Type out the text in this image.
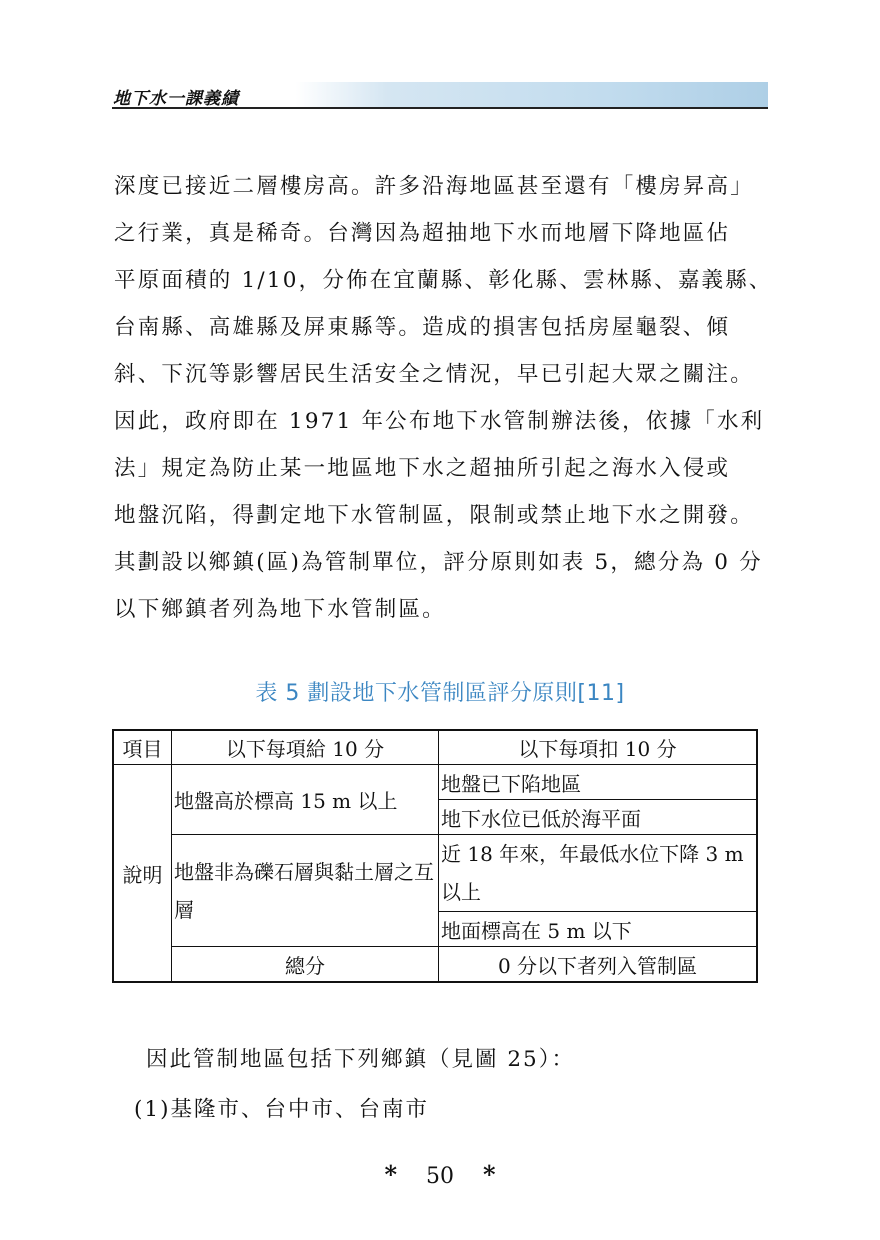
地下水一課義績
深度已接近二層樓房高。許多沿海地區甚至還有「樓房昇高」
之行業，真是稀奇。台灣因為超抽地下水而地層下降地區佔
平原面積的 1/10，分佈在宜蘭縣、彰化縣、雲林縣、嘉義縣、
台南縣、高雄縣及屏東縣等。造成的損害包括房屋龜裂、傾
斜、下沉等影響居民生活安全之情況，早已引起大眾之關注。
因此，政府即在 1971 年公布地下水管制辦法後，依據「水利
法」規定為防止某一地區地下水之超抽所引起之海水入侵或
地盤沉陷，得劃定地下水管制區，限制或禁止地下水之開發。
其劃設以鄉鎮(區)為管制單位，評分原則如表 5，總分為 0 分
以下鄉鎮者列為地下水管制區。
表 5 劃設地下水管制區評分原則[11]
項目	以下每項給 10 分	以下每項扣 10 分
說明	地盤高於標高 15 m 以上	地盤已下陷地區
		地下水位已低於海平面
	地盤非為礫石層與黏土層之互層	近 18 年來，年最低水位下降 3 m 以上
		地面標高在 5 m 以下
	總分	0 分以下者列入管制區
因此管制地區包括下列鄉鎮（見圖 25）：
(1)基隆市、台中市、台南市
* 50 *
